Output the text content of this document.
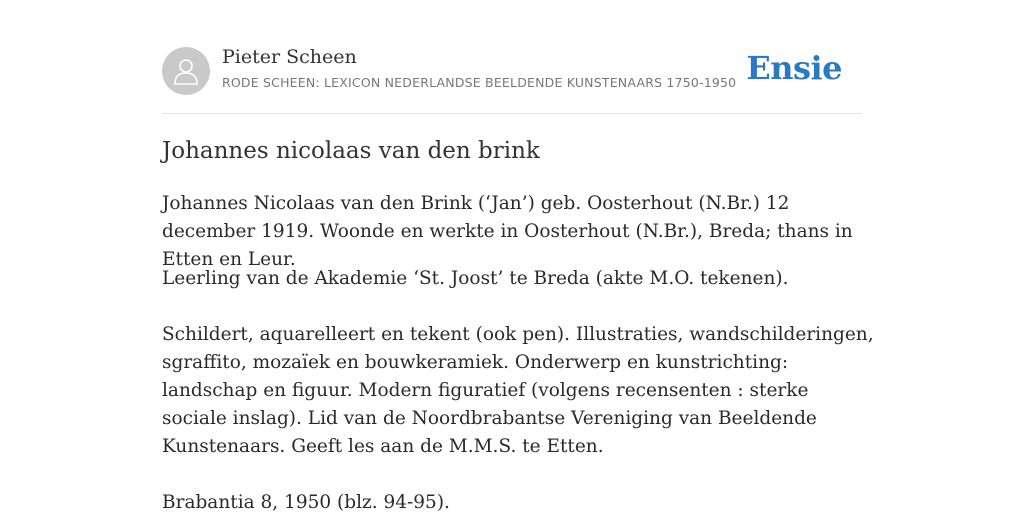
Pieter Scheen
RODE SCHEEN: LEXICON NEDERLANDSE BEELDENDE KUNSTENAARS 1750-1950 Ensie
Johannes nicolaas van den brink

Johannes Nicolaas van den Brink (‘Jan’) geb. Oosterhout (N.Br.) 12 december 1919. Woonde en werkte in Oosterhout (N.Br.), Breda; thans in Etten en Leur.

Leerling van de Akademie ‘St. Joost’ te Breda (akte M.O. tekenen).

Schildert, aquarelleert en tekent (ook pen). Illustraties, wandschilderingen, sgraffito, mozaïek en bouwkeramiek. Onderwerp en kunstrichting: landschap en figuur. Modern figuratief (volgens recensenten : sterke sociale inslag). Lid van de Noordbrabantse Vereniging van Beeldende Kunstenaars. Geeft les aan de M.M.S. te Etten.

Brabantia 8, 1950 (blz. 94-95).
